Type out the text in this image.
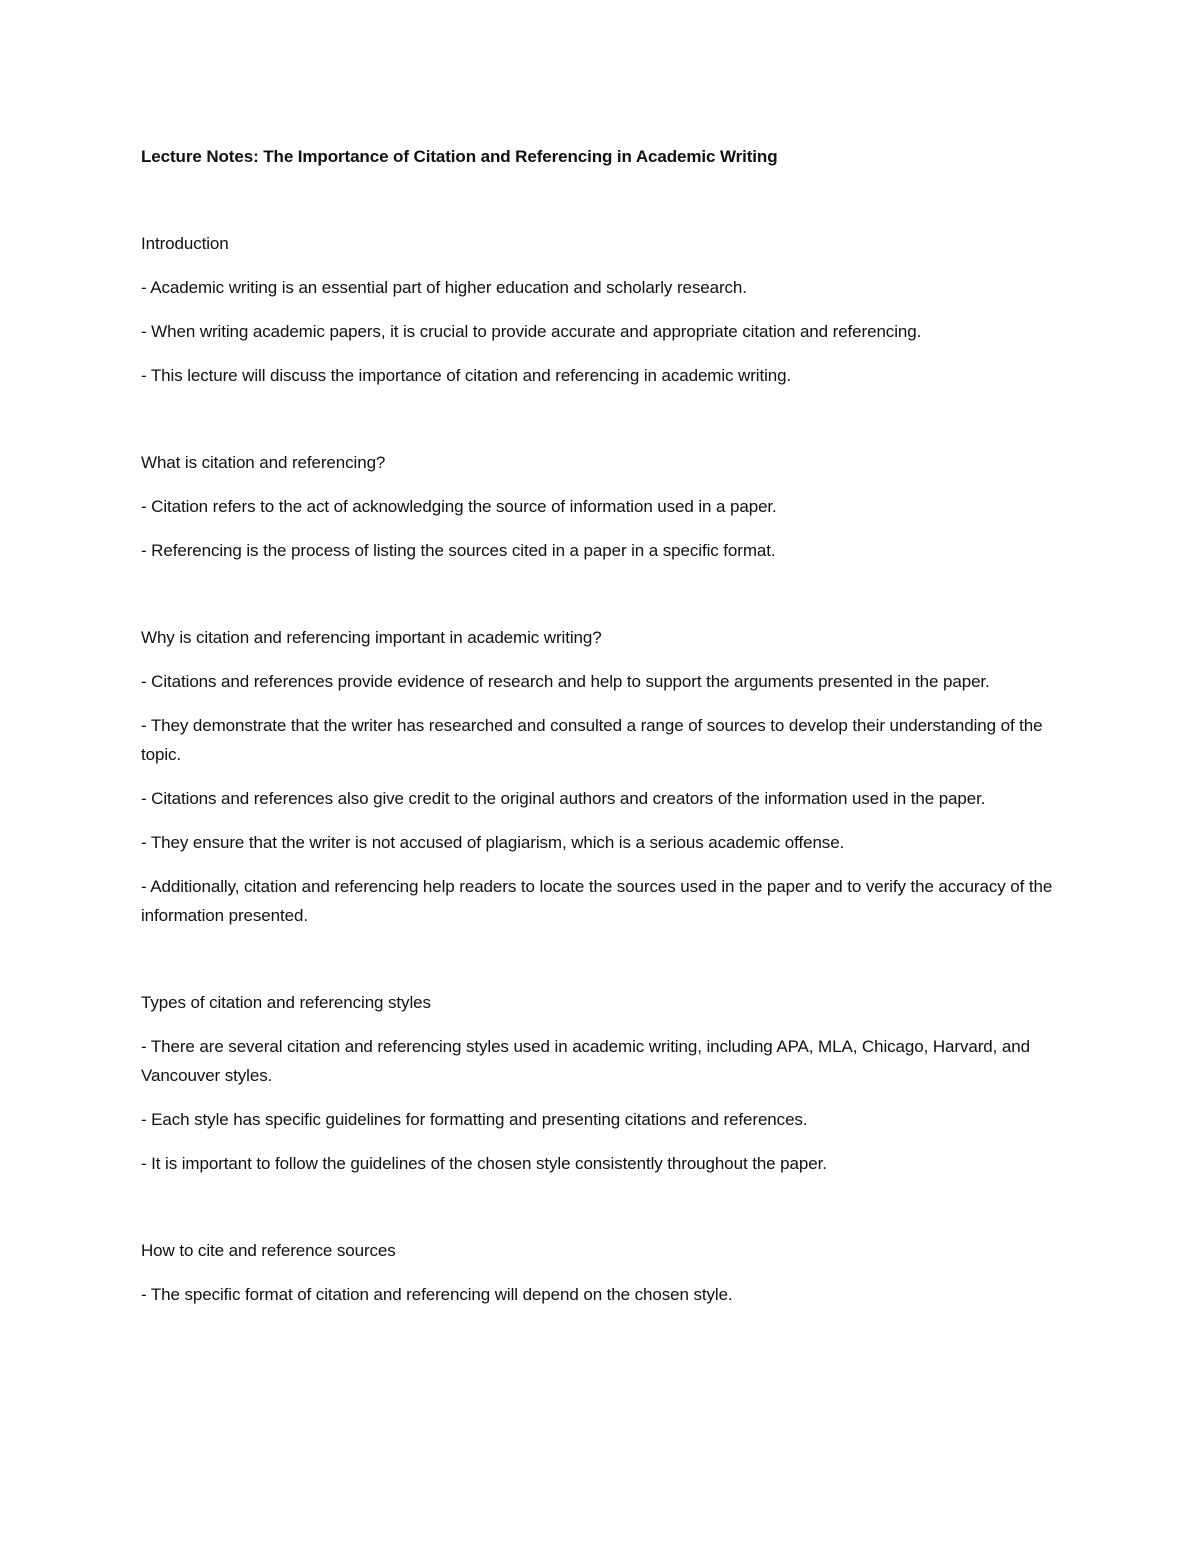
Lecture Notes: The Importance of Citation and Referencing in Academic Writing
Introduction
- Academic writing is an essential part of higher education and scholarly research.
- When writing academic papers, it is crucial to provide accurate and appropriate citation and referencing.
- This lecture will discuss the importance of citation and referencing in academic writing.
What is citation and referencing?
- Citation refers to the act of acknowledging the source of information used in a paper.
- Referencing is the process of listing the sources cited in a paper in a specific format.
Why is citation and referencing important in academic writing?
- Citations and references provide evidence of research and help to support the arguments presented in the paper.
- They demonstrate that the writer has researched and consulted a range of sources to develop their understanding of the topic.
- Citations and references also give credit to the original authors and creators of the information used in the paper.
- They ensure that the writer is not accused of plagiarism, which is a serious academic offense.
- Additionally, citation and referencing help readers to locate the sources used in the paper and to verify the accuracy of the information presented.
Types of citation and referencing styles
- There are several citation and referencing styles used in academic writing, including APA, MLA, Chicago, Harvard, and Vancouver styles.
- Each style has specific guidelines for formatting and presenting citations and references.
- It is important to follow the guidelines of the chosen style consistently throughout the paper.
How to cite and reference sources
- The specific format of citation and referencing will depend on the chosen style.
